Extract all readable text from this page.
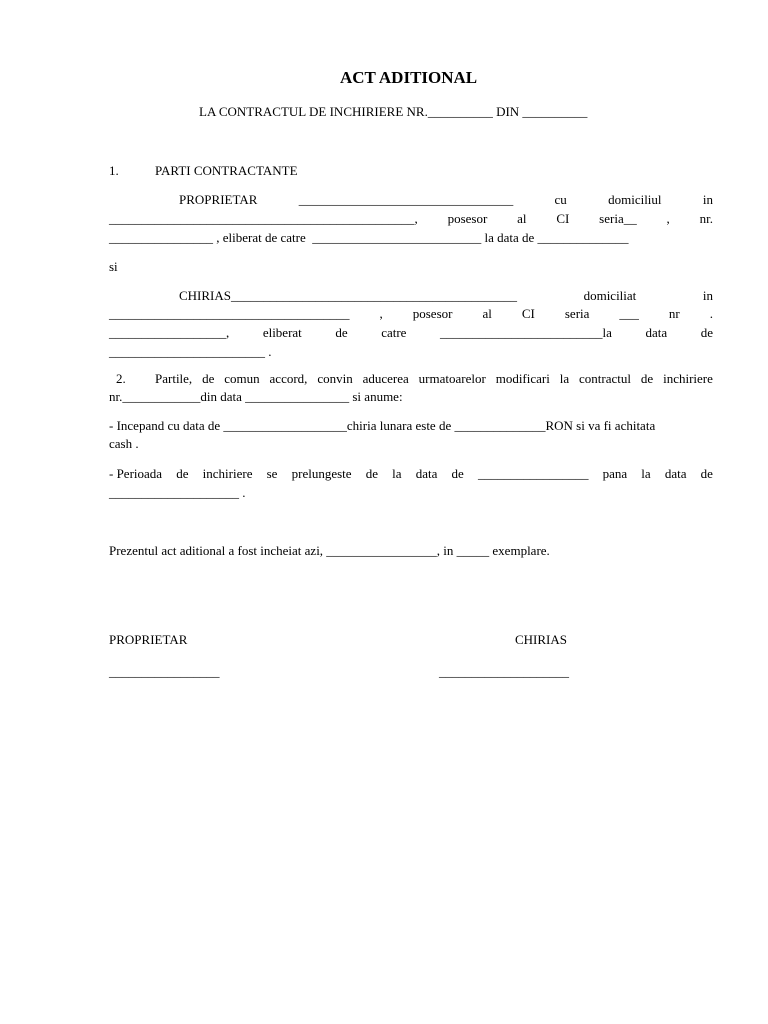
ACT ADITIONAL
LA CONTRACTUL DE INCHIRIERE NR.__________ DIN __________
1.	PARTI CONTRACTANTE
PROPRIETAR	_________________________________	cu	domiciliul	in
_______________________________________________, posesor al CI seria__ , nr.
________________ , eliberat de catre  __________________________ la data de ______________
si
CHIRIAS____________________________________________	domiciliat	in
_____________________________________ , posesor al CI seria ___ nr .
__________________,	eliberat	de	catre	_________________________la	data	de
________________________ .
2. Partile, de comun accord, convin aducerea urmatoarelor modificari la contractul de inchiriere
nr.____________din data ________________ si anume:
- Incepand cu data de ___________________chiria lunara este de ______________RON si va fi achitata
cash .
- Perioada de inchiriere se prelungeste de la data de _________________ pana la data de
____________________ .
Prezentul act aditional a fost incheiat azi, _________________, in _____ exemplare.
PROPRIETAR	CHIRIAS
_________________	____________________
